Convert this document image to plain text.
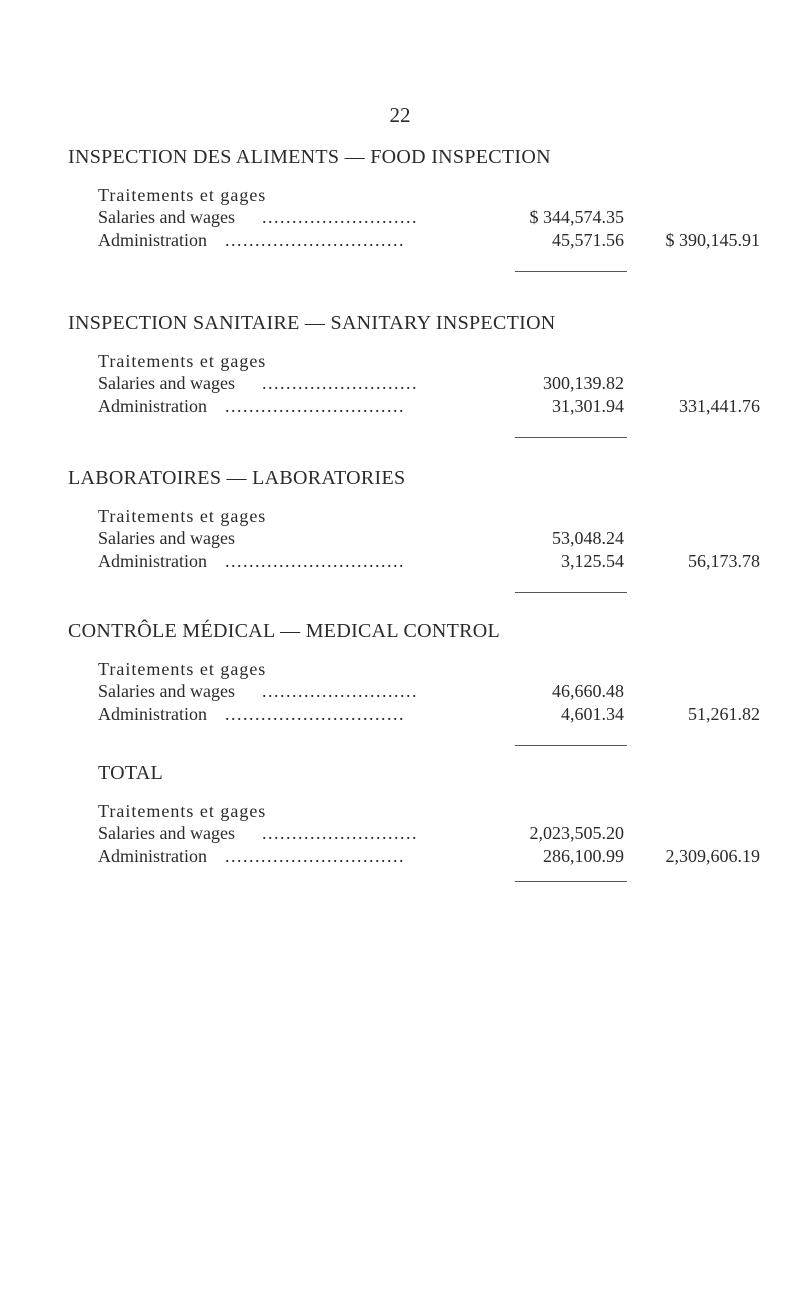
22
INSPECTION DES ALIMENTS — FOOD INSPECTION
Traitements et gages
Salaries and wages ..........................	$ 344,574.35
Administration ..............................	45,571.56 $ 390,145.91
INSPECTION SANITAIRE — SANITARY INSPECTION
Traitements et gages
Salaries and wages ..........................	300,139.82
Administration ..............................	31,301.94	331,441.76
LABORATOIRES — LABORATORIES
Traitements et gages
Salaries and wages	53,048.24
Administration ..............................	3,125.54	56,173.78
CONTRÔLE MÉDICAL — MEDICAL CONTROL
Traitements et gages
Salaries and wages ..........................	46,660.48
Administration ..............................	4,601.34	51,261.82
TOTAL
Traitements et gages
Salaries and wages ..........................	2,023,505.20
Administration ..............................	286,100.99 2,309,606.19
